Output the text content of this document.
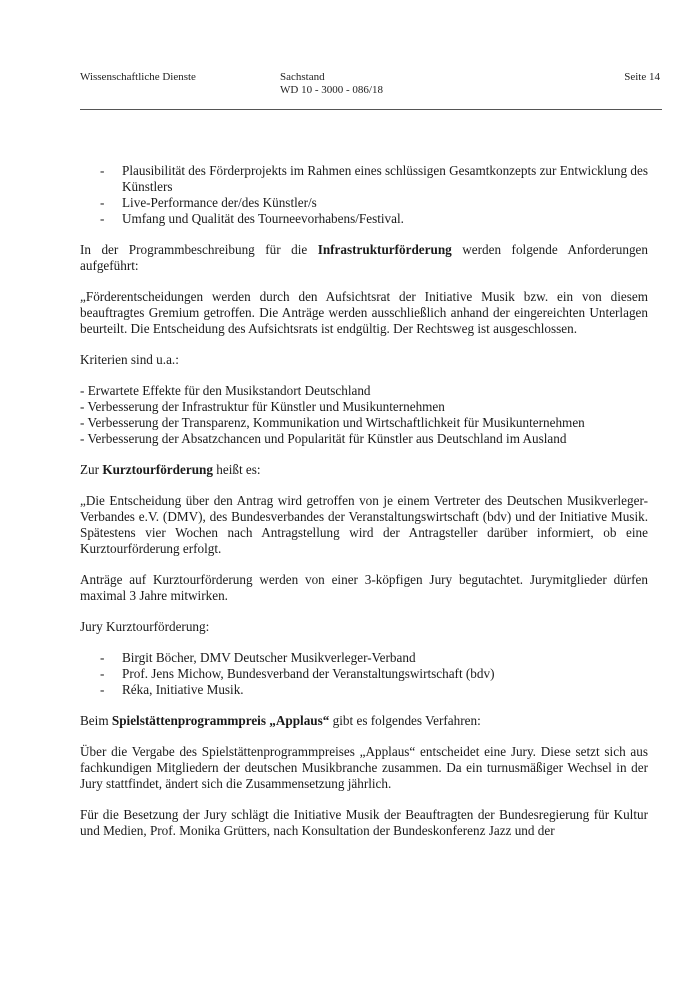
Wissenschaftliche Dienste	Sachstand
WD 10 - 3000 - 086/18
Seite 14
- Plausibilität des Förderprojekts im Rahmen eines schlüssigen Gesamtkonzepts zur Entwicklung des Künstlers
- Live-Performance der/des Künstler/s
- Umfang und Qualität des Tourneevorhabens/Festival.

In der Programmbeschreibung für die Infrastrukturförderung werden folgende Anforderungen aufgeführt:

„Förderentscheidungen werden durch den Aufsichtsrat der Initiative Musik bzw. ein von diesem beauftragtes Gremium getroffen. Die Anträge werden ausschließlich anhand der eingereichten Unterlagen beurteilt. Die Entscheidung des Aufsichtsrats ist endgültig. Der Rechtsweg ist ausgeschlossen.

Kriterien sind u.a.:

- Erwartete Effekte für den Musikstandort Deutschland
- Verbesserung der Infrastruktur für Künstler und Musikunternehmen
- Verbesserung der Transparenz, Kommunikation und Wirtschaftlichkeit für Musikunternehmen
- Verbesserung der Absatzchancen und Popularität für Künstler aus Deutschland im Ausland

Zur Kurztourförderung heißt es:

„Die Entscheidung über den Antrag wird getroffen von je einem Vertreter des Deutschen Musikverleger-Verbandes e.V. (DMV), des Bundesverbandes der Veranstaltungswirtschaft (bdv) und der Initiative Musik. Spätestens vier Wochen nach Antragstellung wird der Antragsteller darüber informiert, ob eine Kurztourförderung erfolgt.

Anträge auf Kurztourförderung werden von einer 3-köpfigen Jury begutachtet. Jurymitglieder dürfen maximal 3 Jahre mitwirken.

Jury Kurztourförderung:

- Birgit Böcher, DMV Deutscher Musikverleger-Verband
- Prof. Jens Michow, Bundesverband der Veranstaltungswirtschaft (bdv)
- Réka, Initiative Musik.

Beim Spielstättenprogrammpreis „Applaus“ gibt es folgendes Verfahren:

Über die Vergabe des Spielstättenprogrammpreises „Applaus“ entscheidet eine Jury. Diese setzt sich aus fachkundigen Mitgliedern der deutschen Musikbranche zusammen. Da ein turnusmäßiger Wechsel in der Jury stattfindet, ändert sich die Zusammensetzung jährlich.

Für die Besetzung der Jury schlägt die Initiative Musik der Beauftragten der Bundesregierung für Kultur und Medien, Prof. Monika Grütters, nach Konsultation der Bundeskonferenz Jazz und der
